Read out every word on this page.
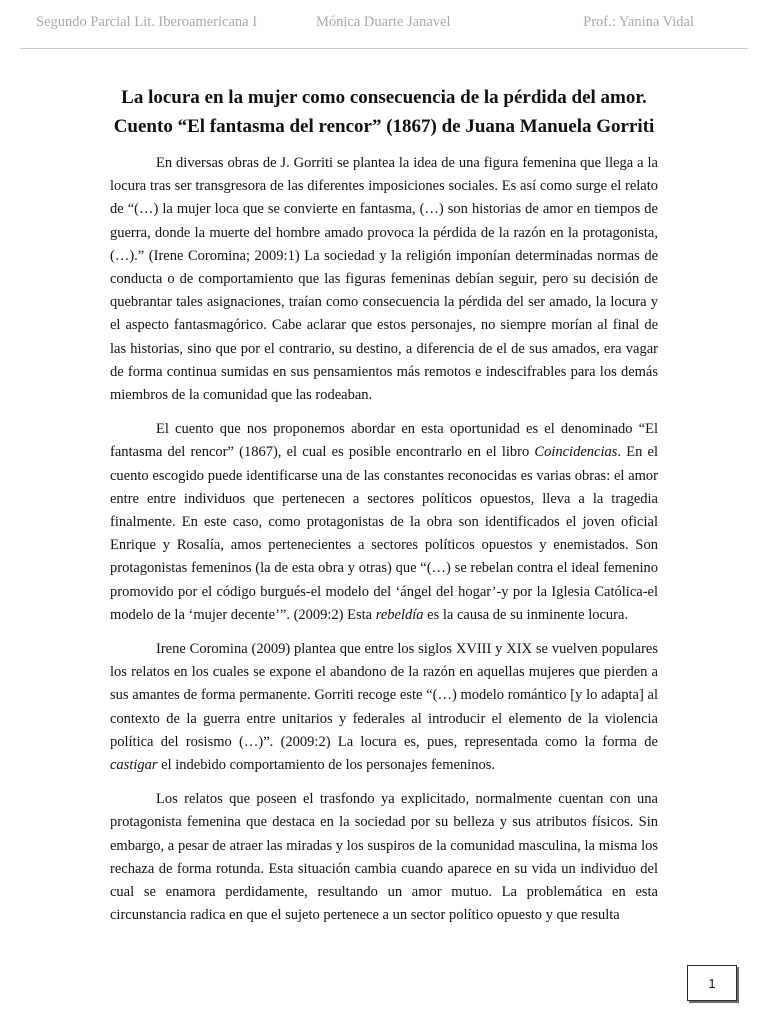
Segundo Parcial Lit. Iberoamericana I	Mónica Duarte Janavel	Prof.: Yanina Vidal
La locura en la mujer como consecuencia de la pérdida del amor.
Cuento “El fantasma del rencor” (1867) de Juana Manuela Gorriti

En diversas obras de J. Gorriti se plantea la idea de una figura femenina que llega a la locura tras ser transgresora de las diferentes imposiciones sociales. Es así como surge el relato de “(…) la mujer loca que se convierte en fantasma, (…) son historias de amor en tiempos de guerra, donde la muerte del hombre amado provoca la pérdida de la razón en la protagonista, (…).” (Irene Coromina; 2009:1) La sociedad y la religión imponían determinadas normas de conducta o de comportamiento que las figuras femeninas debían seguir, pero su decisión de quebrantar tales asignaciones, traían como consecuencia la pérdida del ser amado, la locura y el aspecto fantasmagórico. Cabe aclarar que estos personajes, no siempre morían al final de las historias, sino que por el contrario, su destino, a diferencia de el de sus amados, era vagar de forma continua sumidas en sus pensamientos más remotos e indescifrables para los demás miembros de la comunidad que las rodeaban.

El cuento que nos proponemos abordar en esta oportunidad es el denominado “El fantasma del rencor” (1867), el cual es posible encontrarlo en el libro Coincidencias. En el cuento escogido puede identificarse una de las constantes reconocidas es varias obras: el amor entre entre individuos que pertenecen a sectores políticos opuestos, lleva a la tragedia finalmente. En este caso, como protagonistas de la obra son identificados el joven oficial Enrique y Rosalía, amos pertenecientes a sectores políticos opuestos y enemistados. Son protagonistas femeninos (la de esta obra y otras) que “(…) se rebelan contra el ideal femenino promovido por el código burgués-el modelo del ‘ángel del hogar’-y por la Iglesia Católica-el modelo de la ‘mujer decente’”. (2009:2) Esta rebeldía es la causa de su inminente locura.

Irene Coromina (2009) plantea que entre los siglos XVIII y XIX se vuelven populares los relatos en los cuales se expone el abandono de la razón en aquellas mujeres que pierden a sus amantes de forma permanente. Gorriti recoge este “(…) modelo romántico [y lo adapta] al contexto de la guerra entre unitarios y federales al introducir el elemento de la violencia política del rosismo (…)”. (2009:2) La locura es, pues, representada como la forma de castigar el indebido comportamiento de los personajes femeninos.

Los relatos que poseen el trasfondo ya explicitado, normalmente cuentan con una protagonista femenina que destaca en la sociedad por su belleza y sus atributos físicos. Sin embargo, a pesar de atraer las miradas y los suspiros de la comunidad masculina, la misma los rechaza de forma rotunda. Esta situación cambia cuando aparece en su vida un individuo del cual se enamora perdidamente, resultando un amor mutuo. La problemática en esta circunstancia radica en que el sujeto pertenece a un sector político opuesto y que resulta

1
